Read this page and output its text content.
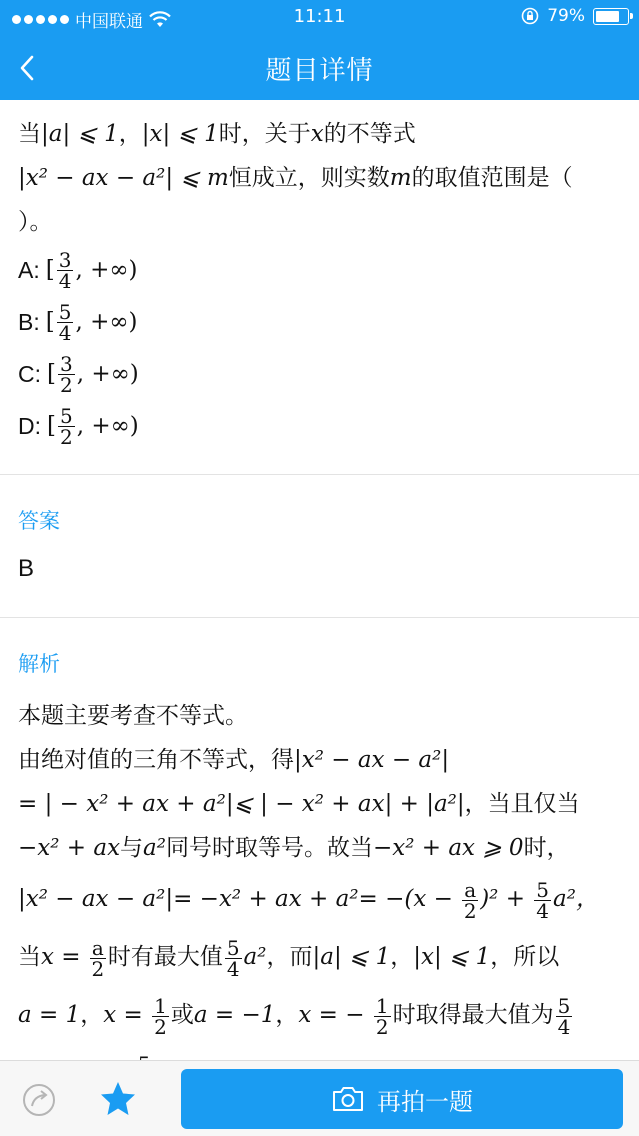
中国联通	11:11	79%
题目详情
当|a| ⩽ 1，|x| ⩽ 1时，关于x的不等式
|x² − ax − a²| ⩽ m恒成立，则实数m的取值范围是（
）。
A: [ $\frac{3}{4}$ , +∞)
B: [ $\frac{5}{4}$ , +∞)
C: [ $\frac{3}{2}$ , +∞)
D: [ $\frac{5}{2}$ , +∞)
答案
B
解析
本题主要考查不等式。
由绝对值的三角不等式，得|x² − ax − a²|
= | − x² + ax + a²|⩽ | − x² + ax| + |a²|，当且仅当
−x² + ax与a²同号时取等号。故当−x² + ax ⩾ 0时，
|x² − ax − a²|= −x² + ax + $a^2= -(x - \frac{a}{2} )^2 + \frac{5}{4} a^2$，
当$x = \frac{a}{2}$ 时有最大值 $\frac{5}{4} a^2$，而|a| ⩽ 1，|x| ⩽ 1，所以
a = 1，$x = \frac{1}{2}$ 或a = −1，x = − $\frac{1}{2}$ 时取得最大值为 $\frac{5}{4}$
再拍一题
